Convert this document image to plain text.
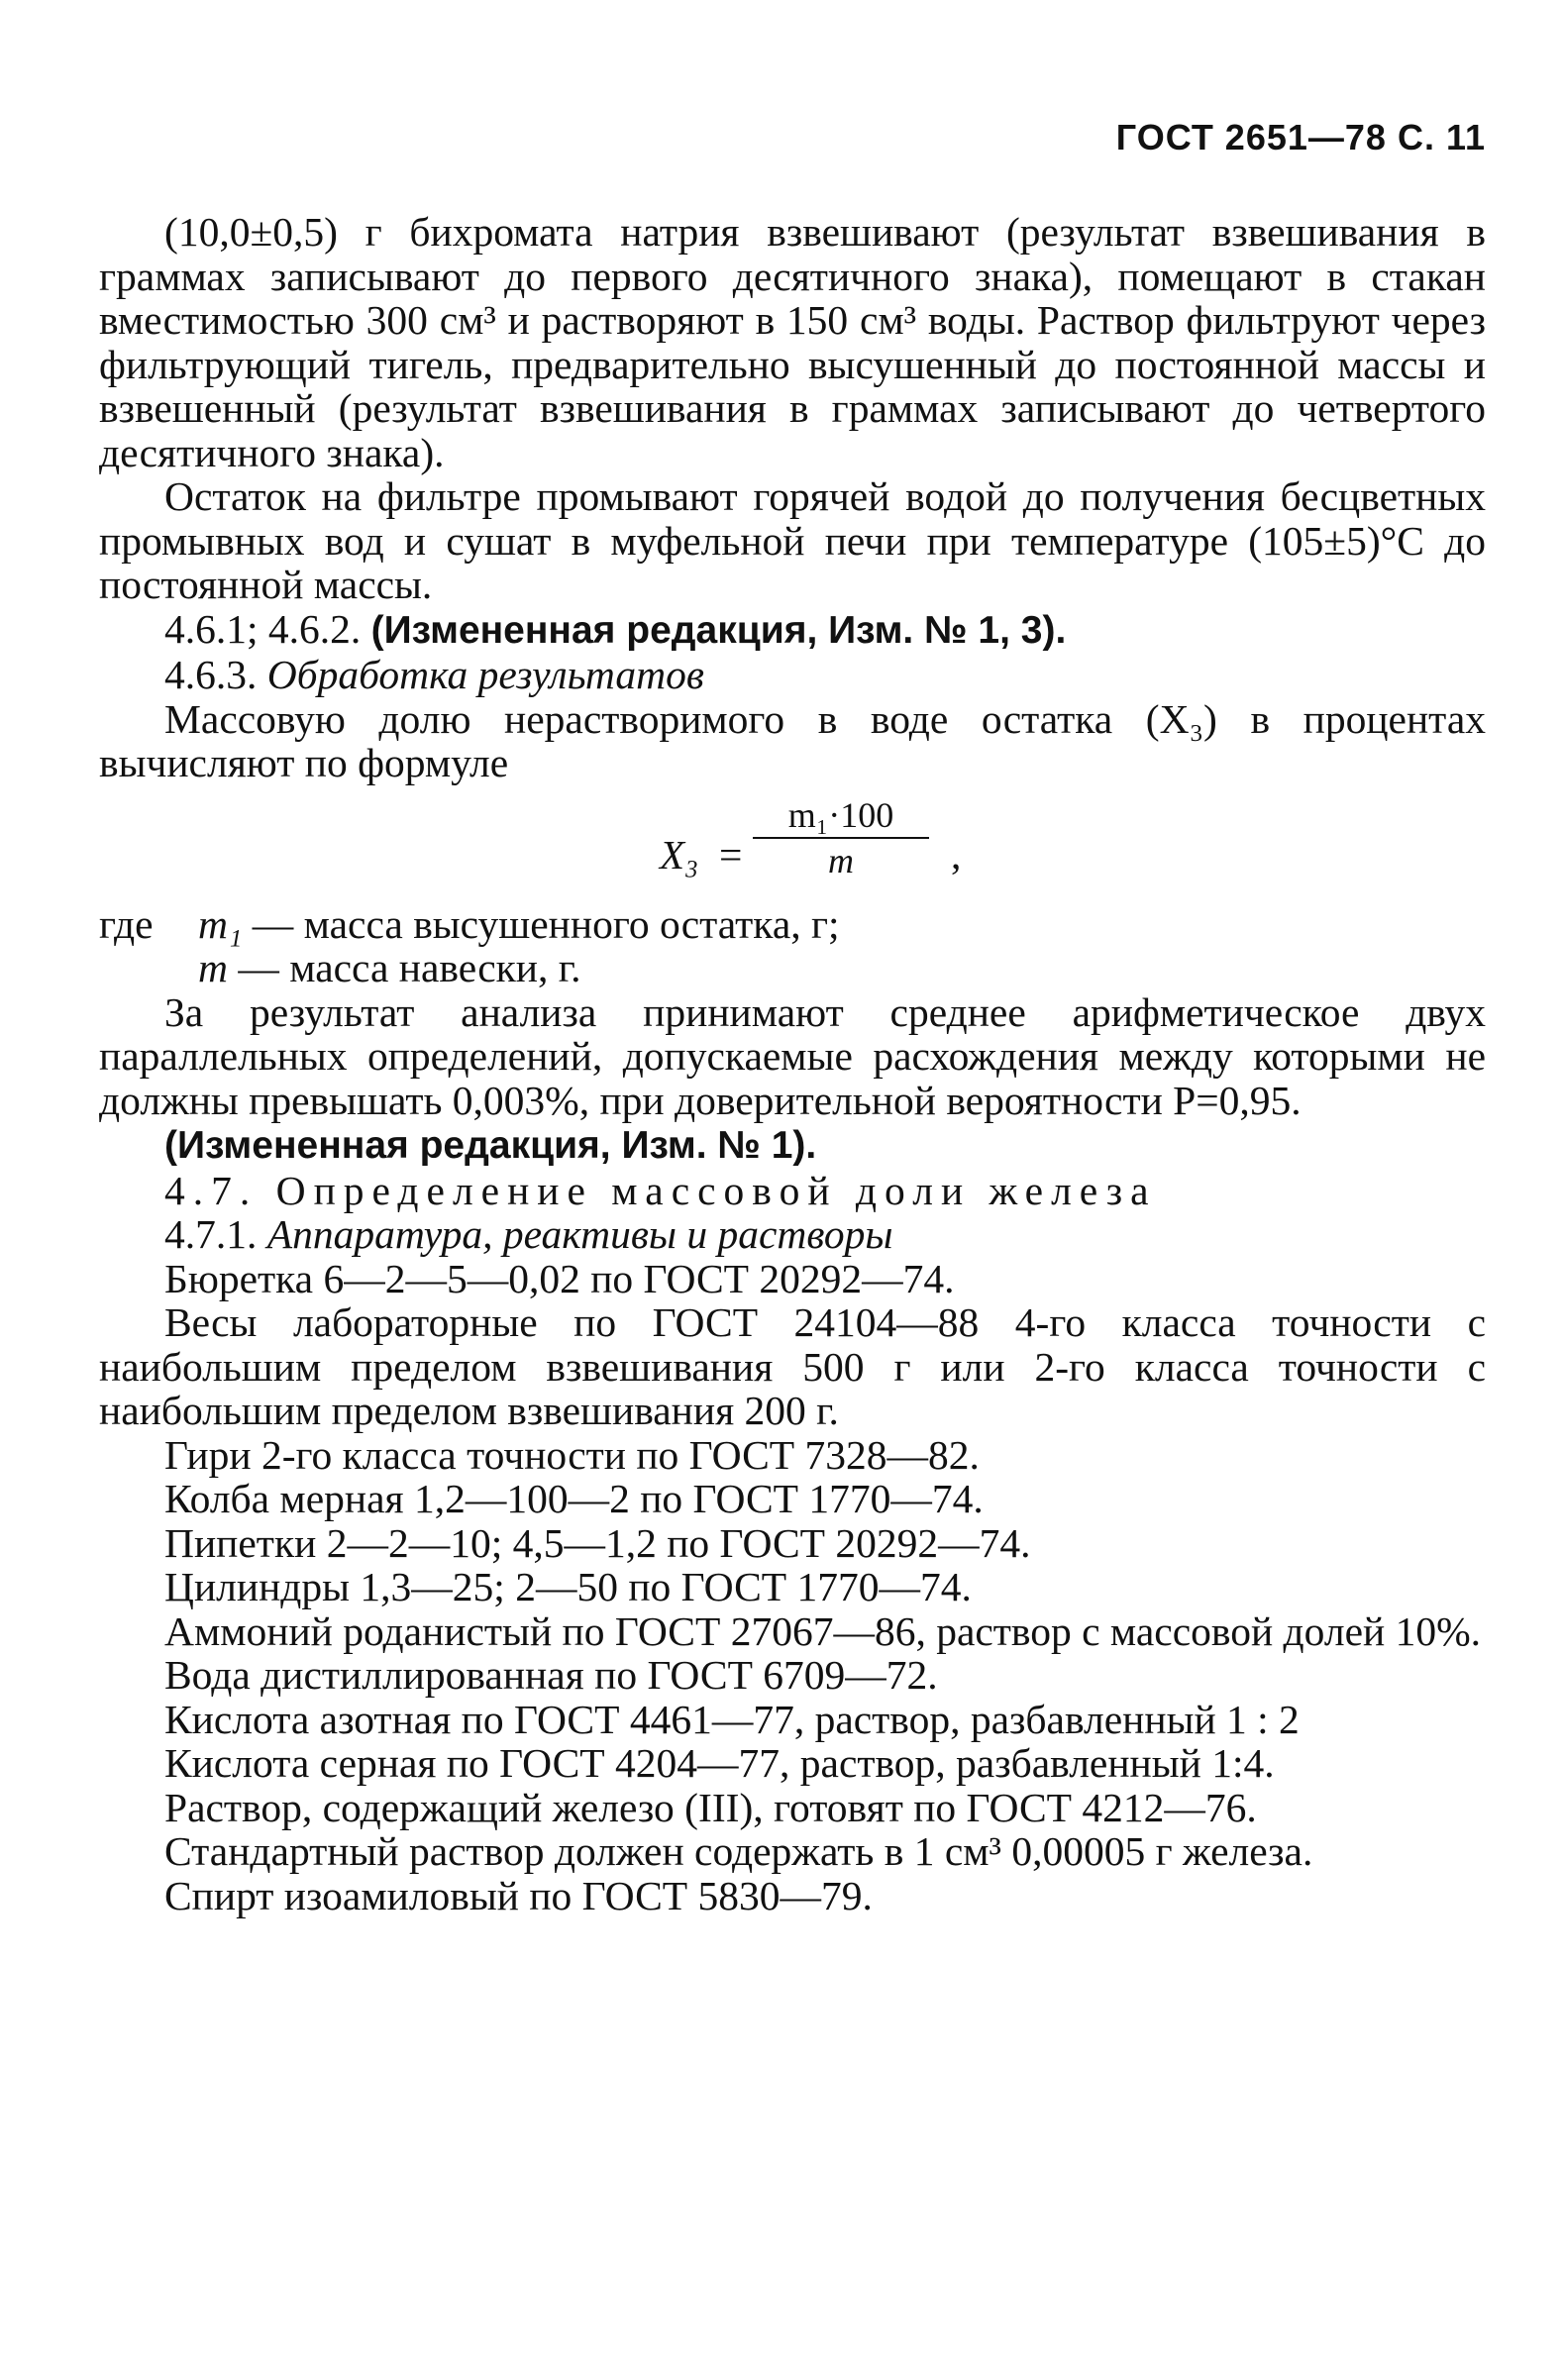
ГОСТ 2651—78 С. 11

(10,0±0,5) г бихромата натрия взвешивают (результат взвешивания в граммах записывают до первого десятичного знака), помещают в стакан вместимостью 300 см³ и растворяют в 150 см³ воды. Раствор фильтруют через фильтрующий тигель, предварительно высушенный до постоянной массы и взвешенный (результат взвешивания в граммах записывают до четвертого десятичного знака).

Остаток на фильтре промывают горячей водой до получения бесцветных промывных вод и сушат в муфельной печи при температуре (105±5)°С до постоянной массы.

4.6.1; 4.6.2. (Измененная редакция, Изм. № 1, 3).

4.6.3. Обработка результатов

Массовую долю нерастворимого в воде остатка (X₃) в процентах вычисляют по формуле

$X_3 = \frac{\text{m₁·100}}{m}$ ,
где m₁ — масса высушенного остатка, г;
m — масса навески, г.

За результат анализа принимают среднее арифметическое двух параллельных определений, допускаемые расхождения между которыми не должны превышать 0,003%, при доверительной вероятности P=0,95.

(Измененная редакция, Изм. № 1).

4.7. Определение массовой доли железа

4.7.1. Аппаратура, реактивы и растворы

Бюретка 6—2—5—0,02 по ГОСТ 20292—74.

Весы лабораторные по ГОСТ 24104—88 4-го класса точности с наибольшим пределом взвешивания 500 г или 2-го класса точности с наибольшим пределом взвешивания 200 г.

Гири 2-го класса точности по ГОСТ 7328—82.

Колба мерная 1,2—100—2 по ГОСТ 1770—74.

Пипетки 2—2—10; 4,5—1,2 по ГОСТ 20292—74.

Цилиндры 1,3—25; 2—50 по ГОСТ 1770—74.

Аммоний роданистый по ГОСТ 27067—86, раствор с массовой долей 10%.

Вода дистиллированная по ГОСТ 6709—72.

Кислота азотная по ГОСТ 4461—77, раствор, разбавленный 1 : 2

Кислота серная по ГОСТ 4204—77, раствор, разбавленный 1:4.

Раствор, содержащий железо (III), готовят по ГОСТ 4212—76.

Стандартный раствор должен содержать в 1 см³ 0,00005 г железа.

Спирт изоамиловый по ГОСТ 5830—79.
